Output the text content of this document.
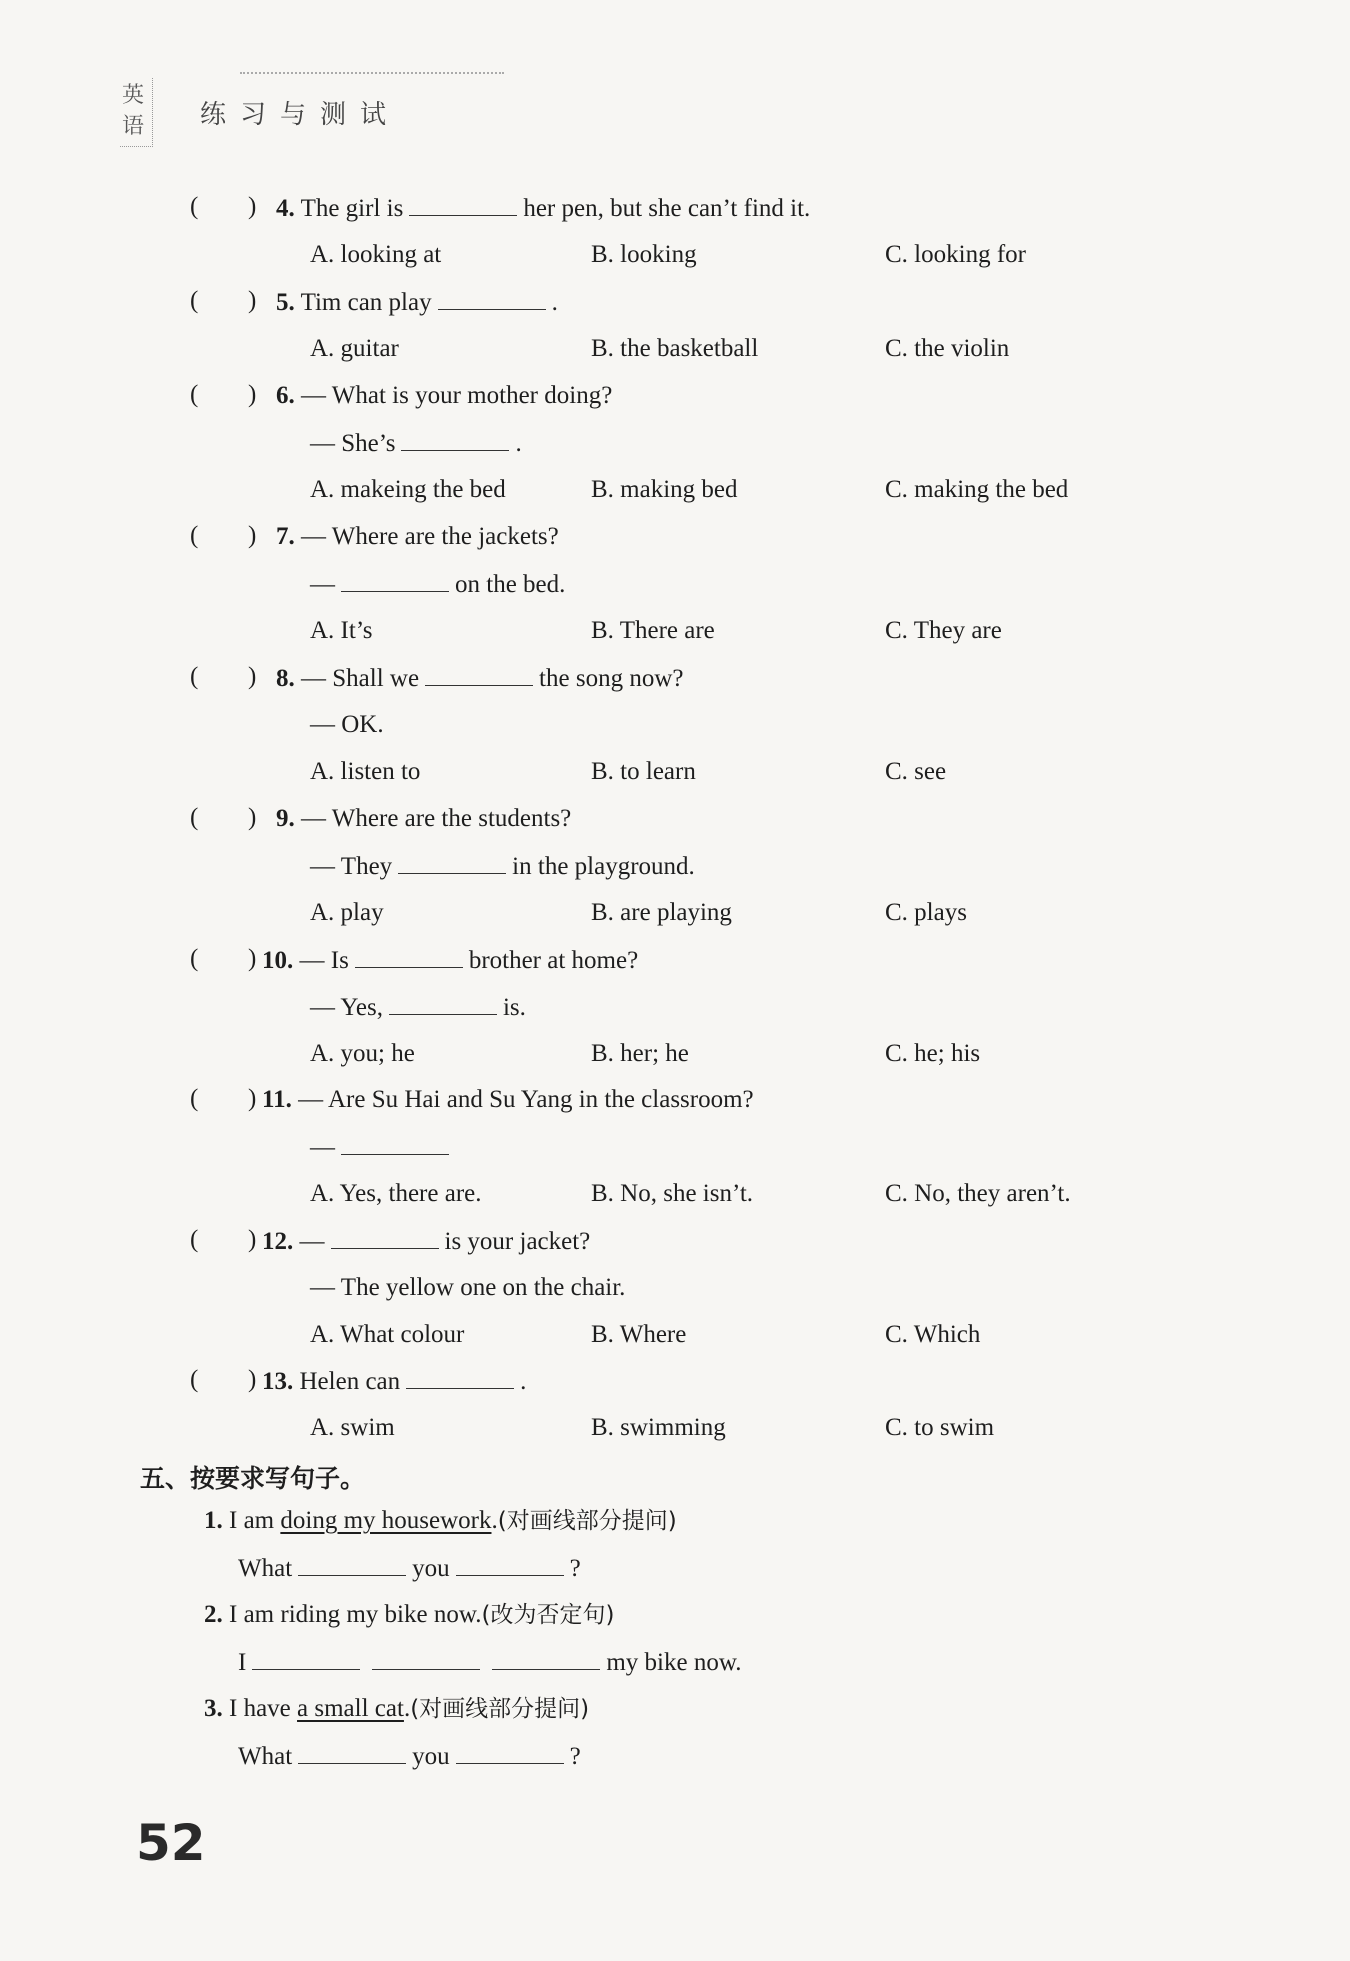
英语 练习与测试
( ) 4. The girl is	her pen, but she can’t find it.
A. looking at	B. looking	C. looking for
( ) 5. Tim can play	.
A. guitar	B. the basketball	C. the violin
( ) 6. — What is your mother doing?
— She’s	.
A. makeing the bed	B. making bed	C. making the bed
( ) 7. — Where are the jackets?
—	on the bed.
A. It’s	B. There are	C. They are
( ) 8. — Shall we	the song now?
— OK.
A. listen to	B. to learn	C. see
( ) 9. — Where are the students?
— They	in the playground.
A. play	B. are playing	C. plays
( ) 10. — Is	brother at home?
— Yes,	is.
A. you; he	B. her; he	C. he; his
( ) 11. — Are Su Hai and Su Yang in the classroom?
—
A. Yes, there are.	B. No, she isn’t.	C. No, they aren’t.
( ) 12. —	is your jacket?
— The yellow one on the chair.
A. What colour	B. Where	C. Which
( ) 13. Helen can	.
A. swim	B. swimming	C. to swim
五、按要求写句子。
1. I am doing my housework.(对画线部分提问)
What	you	?
2. I am riding my bike now.(改为否定句)
I	my bike now.
3. I have a small cat.(对画线部分提问)
What	you	?
52
